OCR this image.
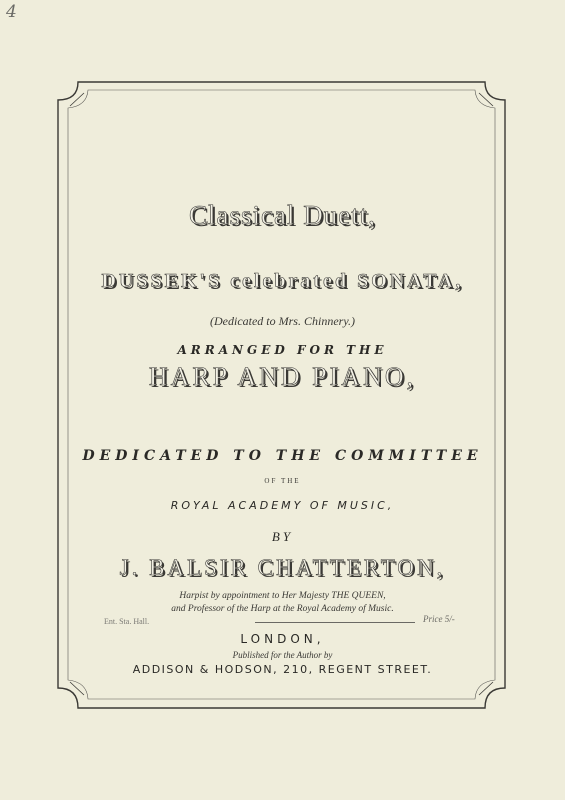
4
Classical Duett,
DUSSEK'S celebrated SONATA,
(Dedicated to Mrs. Chinnery.)
ARRANGED FOR THE
HARP AND PIANO,
DEDICATED TO THE COMMITTEE
OF THE
ROYAL ACADEMY OF MUSIC,
BY
J. BALSIR CHATTERTON,
Harpist by appointment to Her Majesty THE QUEEN,
and Professor of the Harp at the Royal Academy of Music.
Ent. Sta. Hall.	Price 5/-
LONDON,
Published for the Author by
ADDISON & HODSON, 210, REGENT STREET.
